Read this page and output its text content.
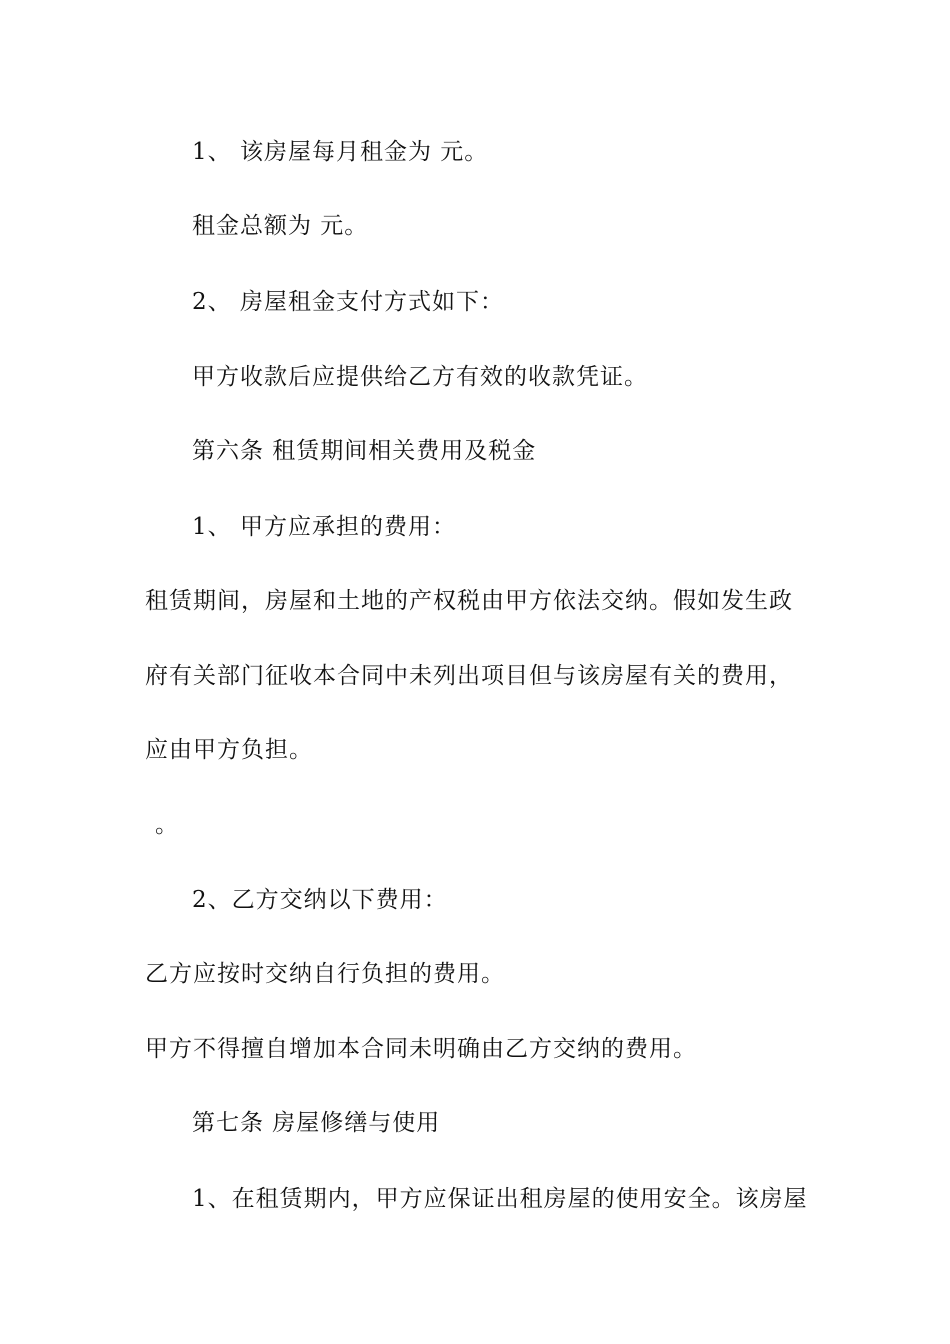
1、 该房屋每月租金为 元。

租金总额为 元。

2、 房屋租金支付方式如下：

甲方收款后应提供给乙方有效的收款凭证。

第六条 租赁期间相关费用及税金

1、 甲方应承担的费用：

租赁期间，房屋和土地的产权税由甲方依法交纳。假如发生政

府有关部门征收本合同中未列出项目但与该房屋有关的费用，

应由甲方负担。

。

2、乙方交纳以下费用：

乙方应按时交纳自行负担的费用。

甲方不得擅自增加本合同未明确由乙方交纳的费用。

第七条 房屋修缮与使用

1、在租赁期内，甲方应保证出租房屋的使用安全。该房屋
